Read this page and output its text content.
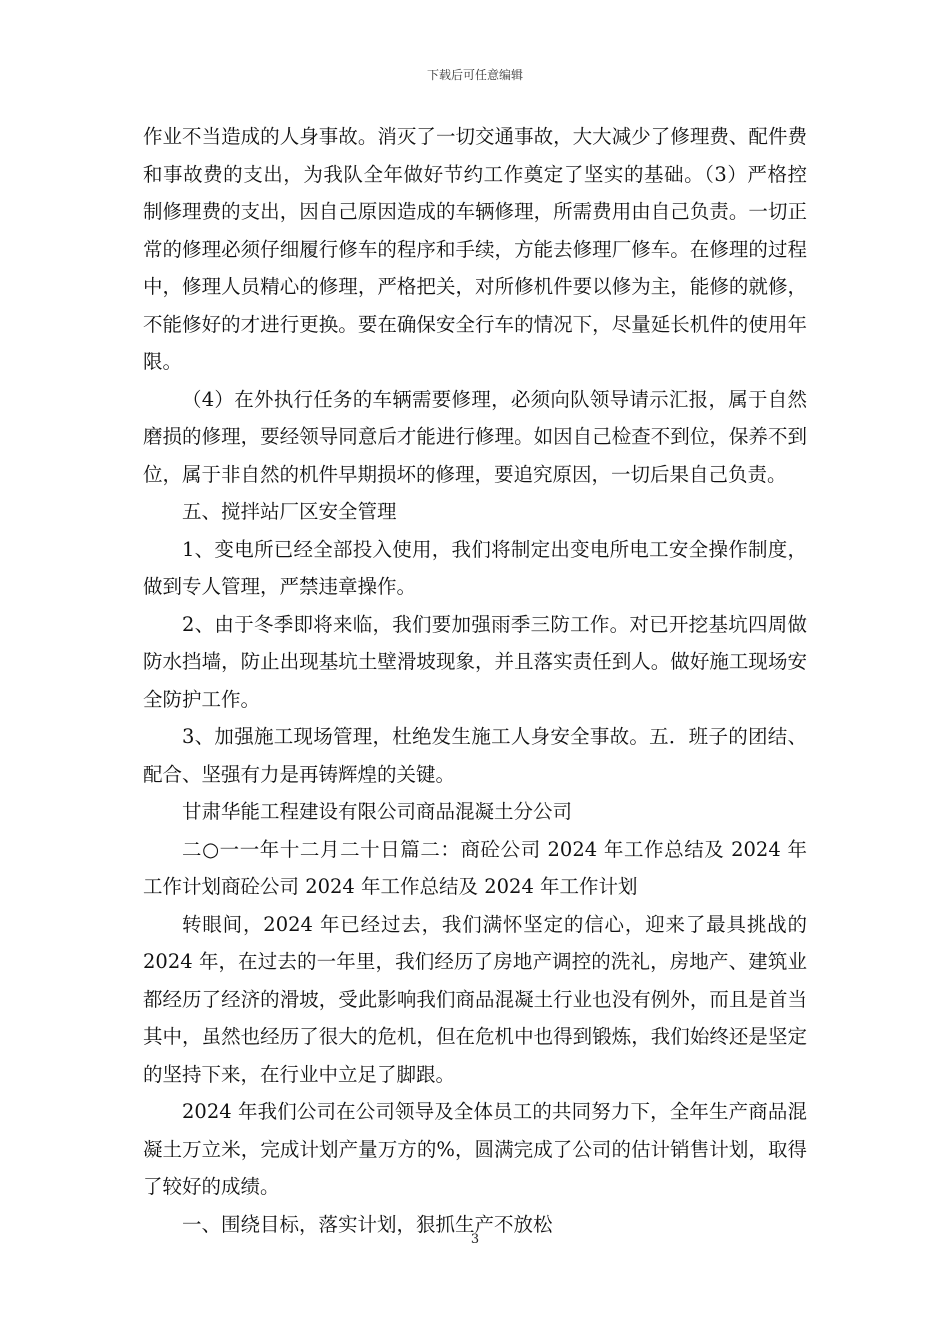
下载后可任意编辑

作业不当造成的人身事故。消灭了一切交通事故，大大减少了修理费、配件费和事故费的支出，为我队全年做好节约工作奠定了坚实的基础。（3）严格控制修理费的支出，因自己原因造成的车辆修理，所需费用由自己负责。一切正常的修理必须仔细履行修车的程序和手续，方能去修理厂修车。在修理的过程中，修理人员精心的修理，严格把关，对所修机件要以修为主，能修的就修，不能修好的才进行更换。要在确保安全行车的情况下，尽量延长机件的使用年限。

（4）在外执行任务的车辆需要修理，必须向队领导请示汇报，属于自然磨损的修理，要经领导同意后才能进行修理。如因自己检查不到位，保养不到位，属于非自然的机件早期损坏的修理，要追究原因，一切后果自己负责。

五、搅拌站厂区安全管理

1、变电所已经全部投入使用，我们将制定出变电所电工安全操作制度，做到专人管理，严禁违章操作。

2、由于冬季即将来临，我们要加强雨季三防工作。对已开挖基坑四周做防水挡墙，防止出现基坑土壁滑坡现象，并且落实责任到人。做好施工现场安全防护工作。

3、加强施工现场管理，杜绝发生施工人身安全事故。五．班子的团结、配合、坚强有力是再铸辉煌的关键。

甘肃华能工程建设有限公司商品混凝土分公司

二○一一年十二月二十日篇二：商砼公司 2024 年工作总结及 2024 年工作计划商砼公司 2024 年工作总结及 2024 年工作计划

转眼间，2024 年已经过去，我们满怀坚定的信心，迎来了最具挑战的 2024 年，在过去的一年里，我们经历了房地产调控的洗礼，房地产、建筑业都经历了经济的滑坡，受此影响我们商品混凝土行业也没有例外，而且是首当其中，虽然也经历了很大的危机，但在危机中也得到锻炼，我们始终还是坚定的坚持下来，在行业中立足了脚跟。

2024 年我们公司在公司领导及全体员工的共同努力下，全年生产商品混凝土万立米，完成计划产量万方的%，圆满完成了公司的估计销售计划，取得了较好的成绩。

一、围绕目标，落实计划，狠抓生产不放松

3
